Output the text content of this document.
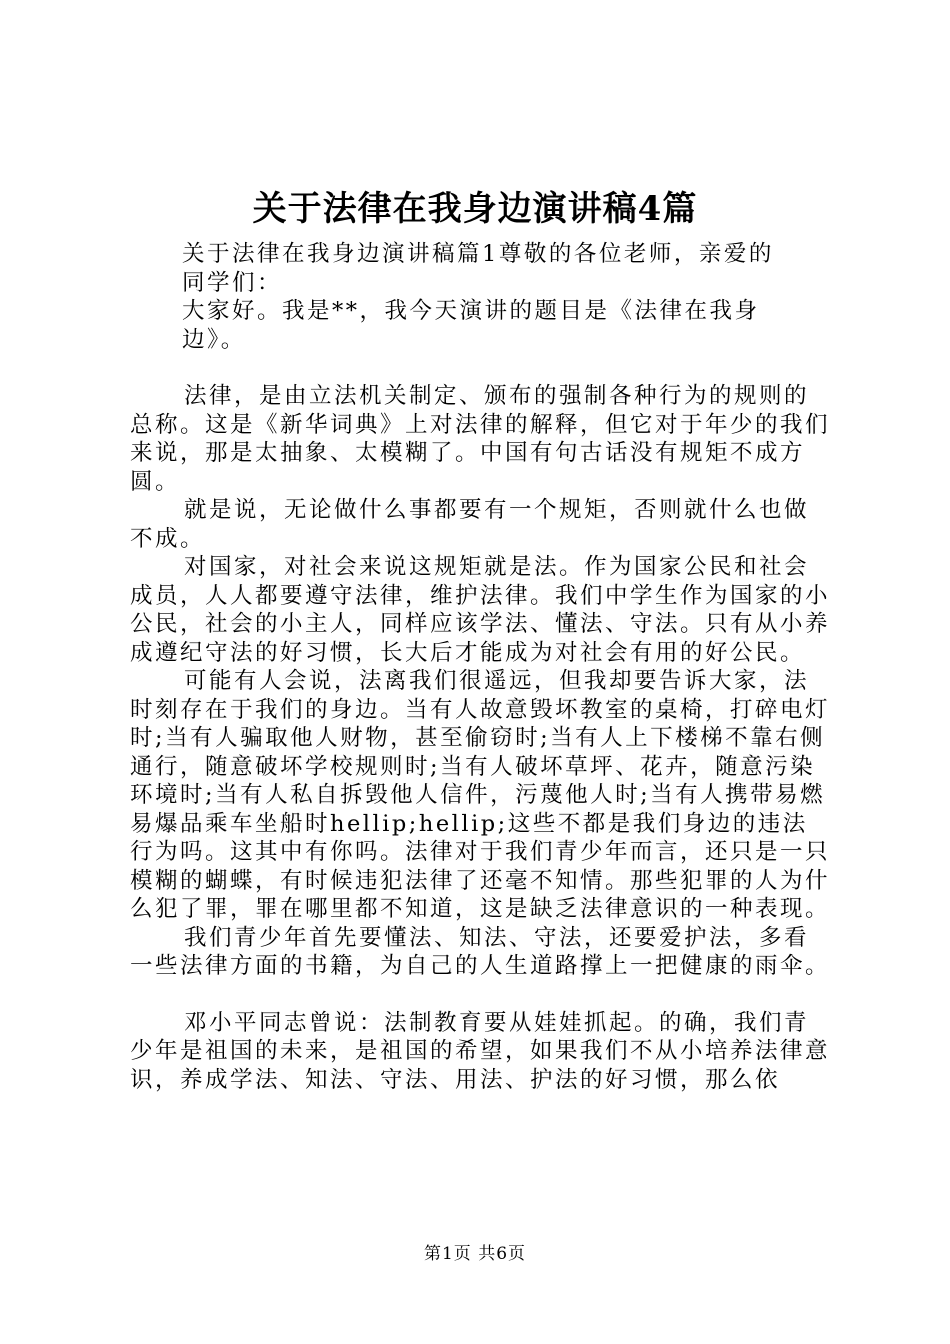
关于法律在我身边演讲稿4篇

关于法律在我身边演讲稿篇1尊敬的各位老师，亲爱的同学们：

大家好。我是**，我今天演讲的题目是《法律在我身边》。

法律，是由立法机关制定、颁布的强制各种行为的规则的总称。这是《新华词典》上对法律的解释，但它对于年少的我们来说，那是太抽象、太模糊了。中国有句古话没有规矩不成方圆。

就是说，无论做什么事都要有一个规矩，否则就什么也做不成。

对国家，对社会来说这规矩就是法。作为国家公民和社会成员，人人都要遵守法律，维护法律。我们中学生作为国家的小公民，社会的小主人，同样应该学法、懂法、守法。只有从小养成遵纪守法的好习惯，长大后才能成为对社会有用的好公民。

可能有人会说，法离我们很遥远，但我却要告诉大家，法时刻存在于我们的身边。当有人故意毁坏教室的桌椅，打碎电灯时;当有人骗取他人财物，甚至偷窃时;当有人上下楼梯不靠右侧通行，随意破坏学校规则时;当有人破坏草坪、花卉，随意污染环境时;当有人私自拆毁他人信件，污蔑他人时;当有人携带易燃易爆品乘车坐船时hellip;hellip;这些不都是我们身边的违法行为吗。这其中有你吗。法律对于我们青少年而言，还只是一只模糊的蝴蝶，有时候违犯法律了还毫不知情。那些犯罪的人为什么犯了罪，罪在哪里都不知道，这是缺乏法律意识的一种表现。

我们青少年首先要懂法、知法、守法，还要爱护法，多看一些法律方面的书籍，为自己的人生道路撑上一把健康的雨伞。

邓小平同志曾说：法制教育要从娃娃抓起。的确，我们青少年是祖国的未来，是祖国的希望，如果我们不从小培养法律意识，养成学法、知法、守法、用法、护法的好习惯，那么依

第1页 共6页
